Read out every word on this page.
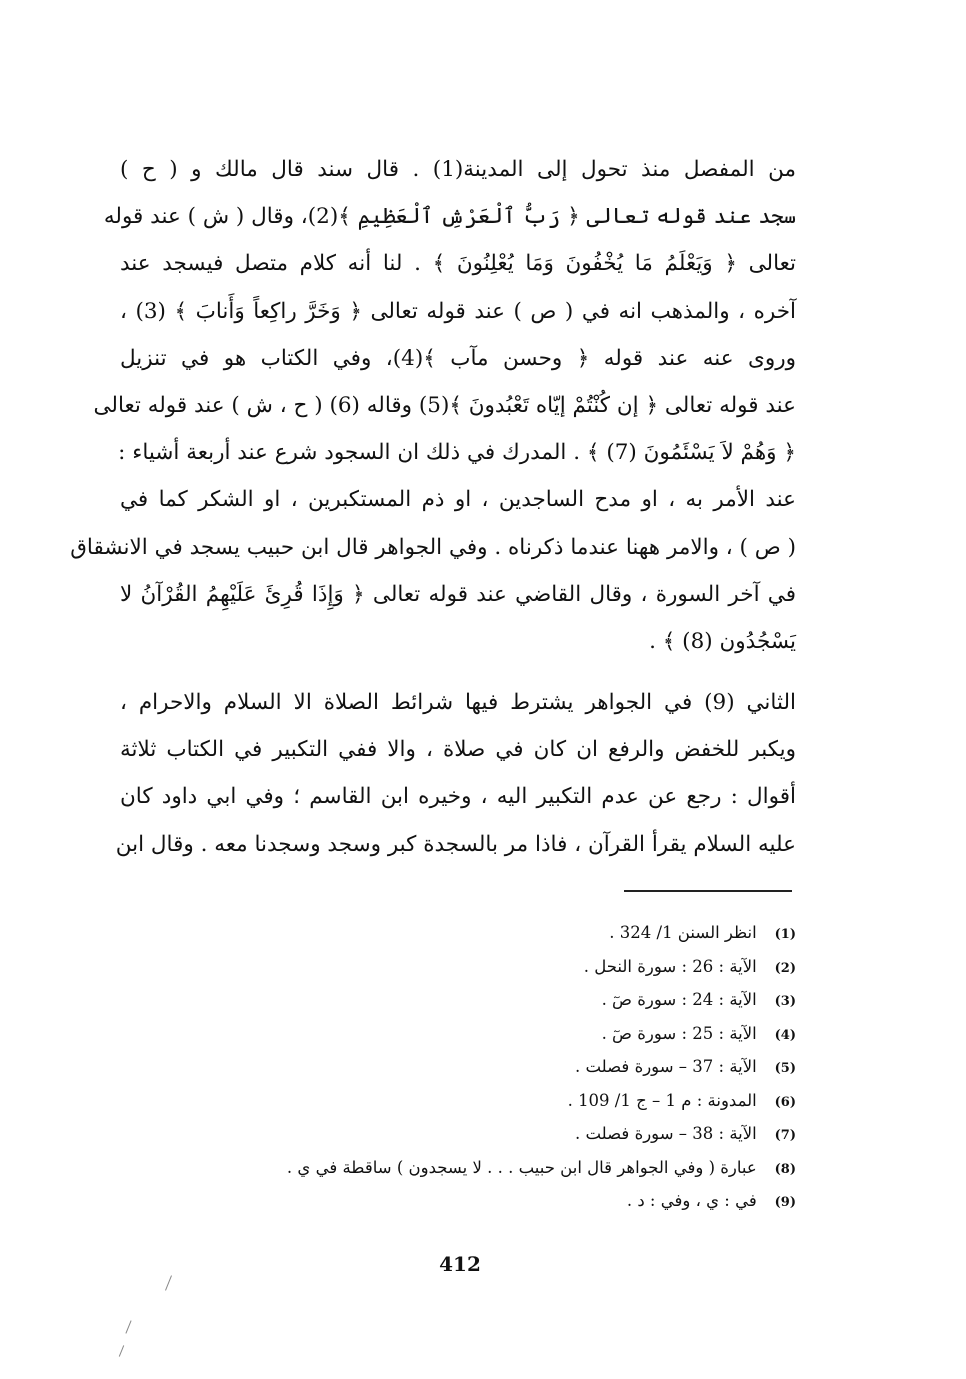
من المفصل منذ تحول إلى المدينة(1) . قال سند قال مالك و ( ح )
سجد عند قوله تعالى ﴿ رَبُّ ٱلْعَرْشِ ٱلْعَظِيمِ ﴾(2)، وقال ( ش ) عند قوله
تعالى ﴿ وَيَعْلَمُ مَا يُخْفُونَ وَمَا يُعْلِنُونَ ﴾ . لنا أنه كلام متصل فيسجد عند
آخره ، والمذهب انه في ( ص ) عند قوله تعالى ﴿ وَخَرَّ راكِعاً وَأَنابَ ﴾ (3) ،
وروى عنه عند قوله ﴿ وحسن مآب ﴾(4)، وفي الكتاب هو في تنزيل
عند قوله تعالى ﴿ إن كُنْتُمْ إيّاه تَعْبُدونَ ﴾(5) وقاله (6) ( ح ، ش ) عند قوله تعالى
﴿ وَهُمْ لاَ يَسْئَمُونَ (7) ﴾ . المدرك في ذلك ان السجود شرع عند أربعة أشياء :
عند الأمر به ، او مدح الساجدين ، او ذم المستكبرين ، او الشكر كما في
( ص ) ، والامر ههنا عندما ذكرناه . وفي الجواهر قال ابن حبيب يسجد في الانشقاق
في آخر السورة ، وقال القاضي عند قوله تعالى ﴿ وَإِذَا قُرِئَ عَلَيْهِمُ القُرْآنُ لا
يَسْجُدُون (8) ﴾ .
الثاني (9) في الجواهر يشترط فيها شرائط الصلاة الا السلام والاحرام ،
ويكبر للخفض والرفع ان كان في صلاة ، والا ففي التكبير في الكتاب ثلاثة
أقوال : رجع عن عدم التكبير اليه ، وخيره ابن القاسم ؛ وفي ابي داود كان
عليه السلام يقرأ القرآن ، فاذا مر بالسجدة كبر وسجد وسجدنا معه . وقال ابن
(1) انظر السنن 1/ 324 .
(2) الآية : 26 : سورة النحل .
(3) الآية : 24 : سورة صٓ .
(4) الآية : 25 : سورة صٓ .
(5) الآية : 37 – سورة فصلت .
(6) المدونة : م 1 – ج 1/ 109 .
(7) الآية : 38 – سورة فصلت .
(8) عبارة ( وفي الجواهر قال ابن حبيب . . . لا يسجدون ) ساقطة في ي .
(9) في : ي ، وفي : د .
412
